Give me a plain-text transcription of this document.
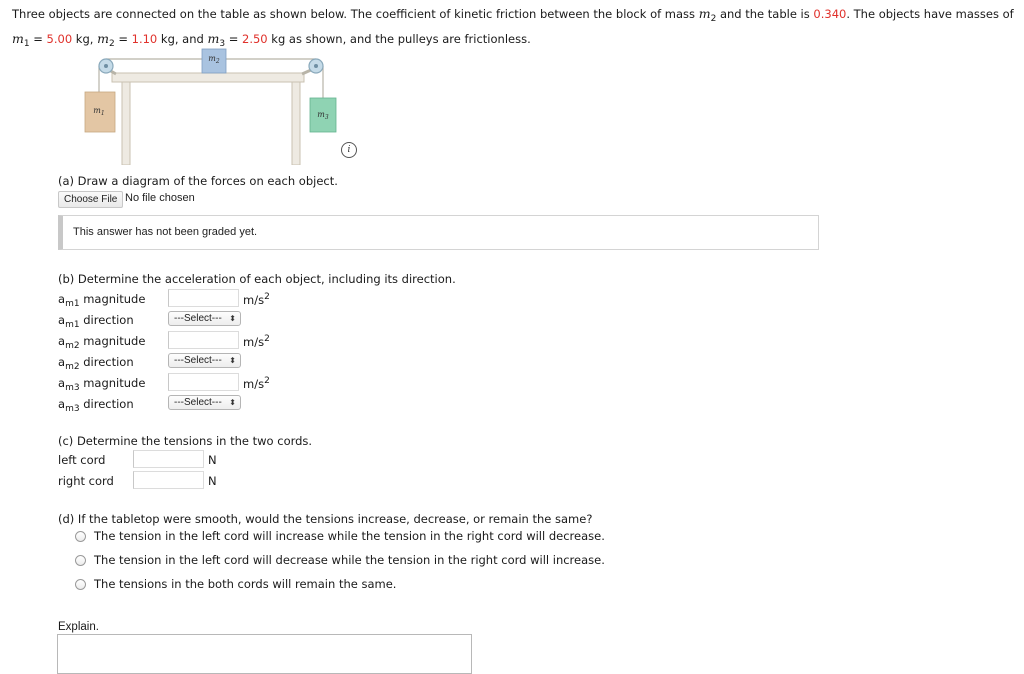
Three objects are connected on the table as shown below. The coefficient of kinetic friction between the block of mass $m_2$ and the table is 0.340. The objects have masses of
$m_1 = 5.00$ kg, $m_2 = 1.10$ kg, and $m_3 = 2.50$ kg as shown, and the pulleys are frictionless.
$m_2$
$m_1$	$m_3$
i
(a) Draw a diagram of the forces on each object.
Choose File No file chosen
This answer has not been graded yet.
(b) Determine the acceleration of each object, including its direction.
$a_{m1}$ magnitude	$m/s^2$
$a_{m1}$ direction	---Select--- ⬍
$a_{m2}$ magnitude	$m/s^2$
$a_{m2}$ direction	---Select--- ⬍
$a_{m3}$ magnitude	$m/s^2$
$a_{m3}$ direction	---Select--- ⬍
(c) Determine the tensions in the two cords.
left cord	N
right cord	N
(d) If the tabletop were smooth, would the tensions increase, decrease, or remain the same?
The tension in the left cord will increase while the tension in the right cord will decrease.
The tension in the left cord will decrease while the tension in the right cord will increase.
The tensions in the both cords will remain the same.
Explain.
